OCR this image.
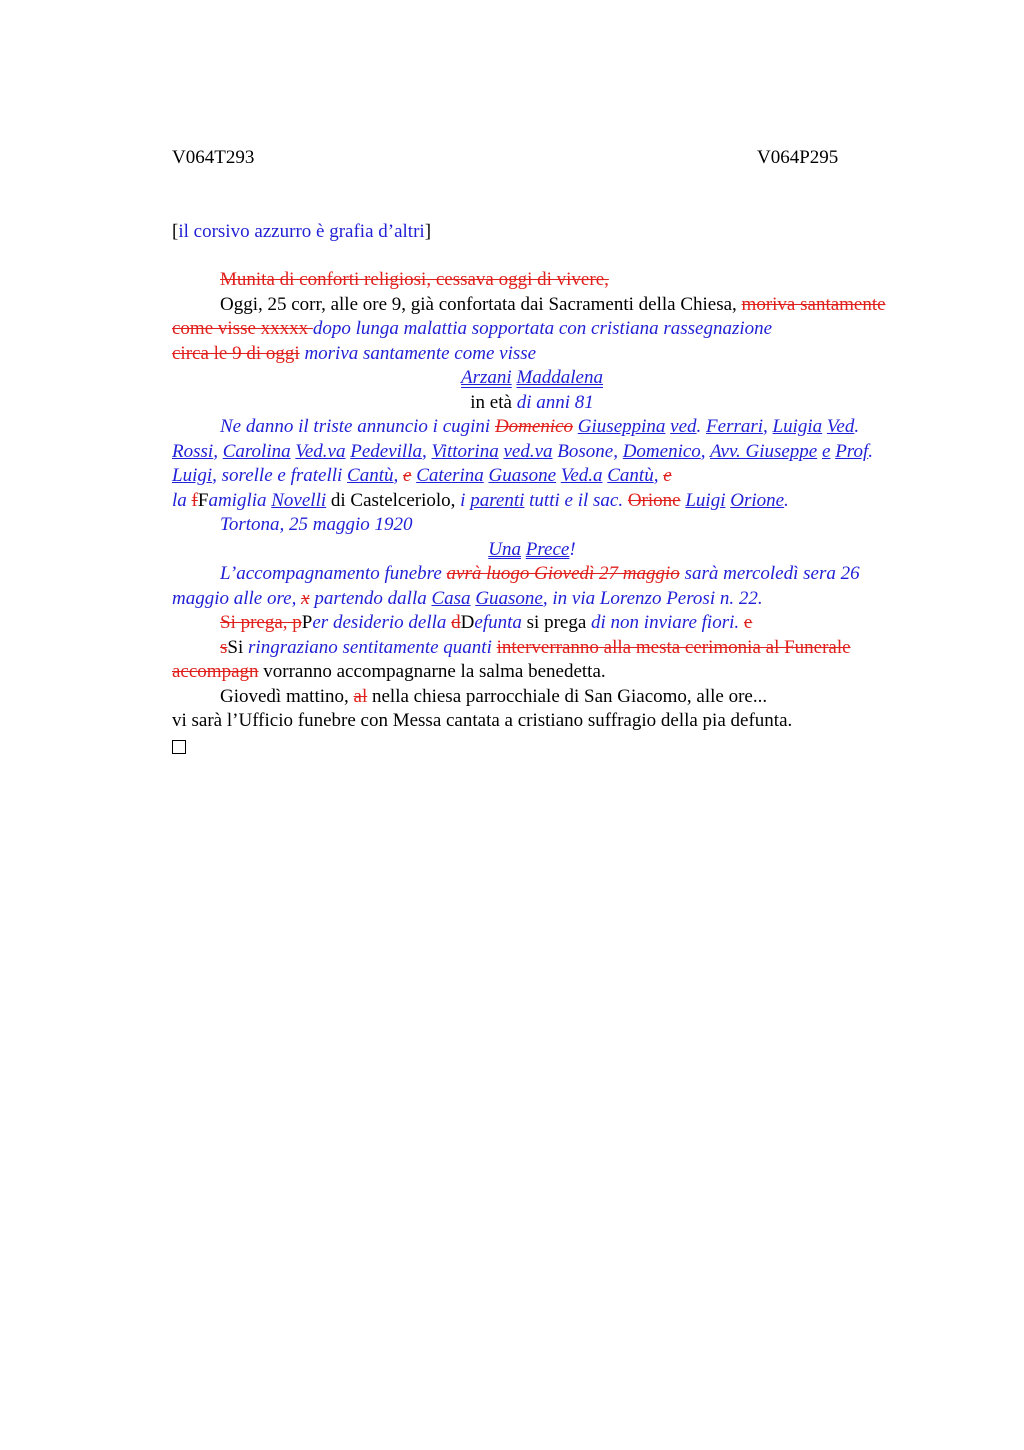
V064T293	V064P295
[il corsivo azzurro è grafia d’altri]

Munita di conforti religiosi, cessava oggi di vivere,

Oggi, 25 corr, alle ore 9, già confortata dai Sacramenti della Chiesa, moriva santamente come visse xxxxx dopo lunga malattia sopportata con cristiana rassegnazione

circa le 9 di oggi moriva santamente come visse

Arzani Maddalena

in età di anni 81

Ne danno il triste annuncio i cugini Domenico Giuseppina ved. Ferrari, Luigia Ved. Rossi, Carolina Ved.va Pedevilla, Vittorina ved.va Bosone, Domenico, Avv. Giuseppe e Prof. Luigi, sorelle e fratelli Cantù, e Caterina Guasone Ved.a Cantù, e

la fFamiglia Novelli di Castelceriolo, i parenti tutti e il sac. Orione Luigi Orione.

Tortona, 25 maggio 1920

Una Prece!

L’accompagnamento funebre avrà luogo Giovedì 27 maggio sarà mercoledì sera 26 maggio alle ore, x partendo dalla Casa Guasone, in via Lorenzo Perosi n. 22.

Si prega, pPer desiderio della dDefunta si prega di non inviare fiori. e

sSi ringraziano sentitamente quanti interverranno alla mesta cerimonia al Funerale

accompagn vorranno accompagnarne la salma benedetta.

Giovedì mattino, al nella chiesa parrocchiale di San Giacomo, alle ore...

vi sarà l’Ufficio funebre con Messa cantata a cristiano suffragio della pia defunta.
